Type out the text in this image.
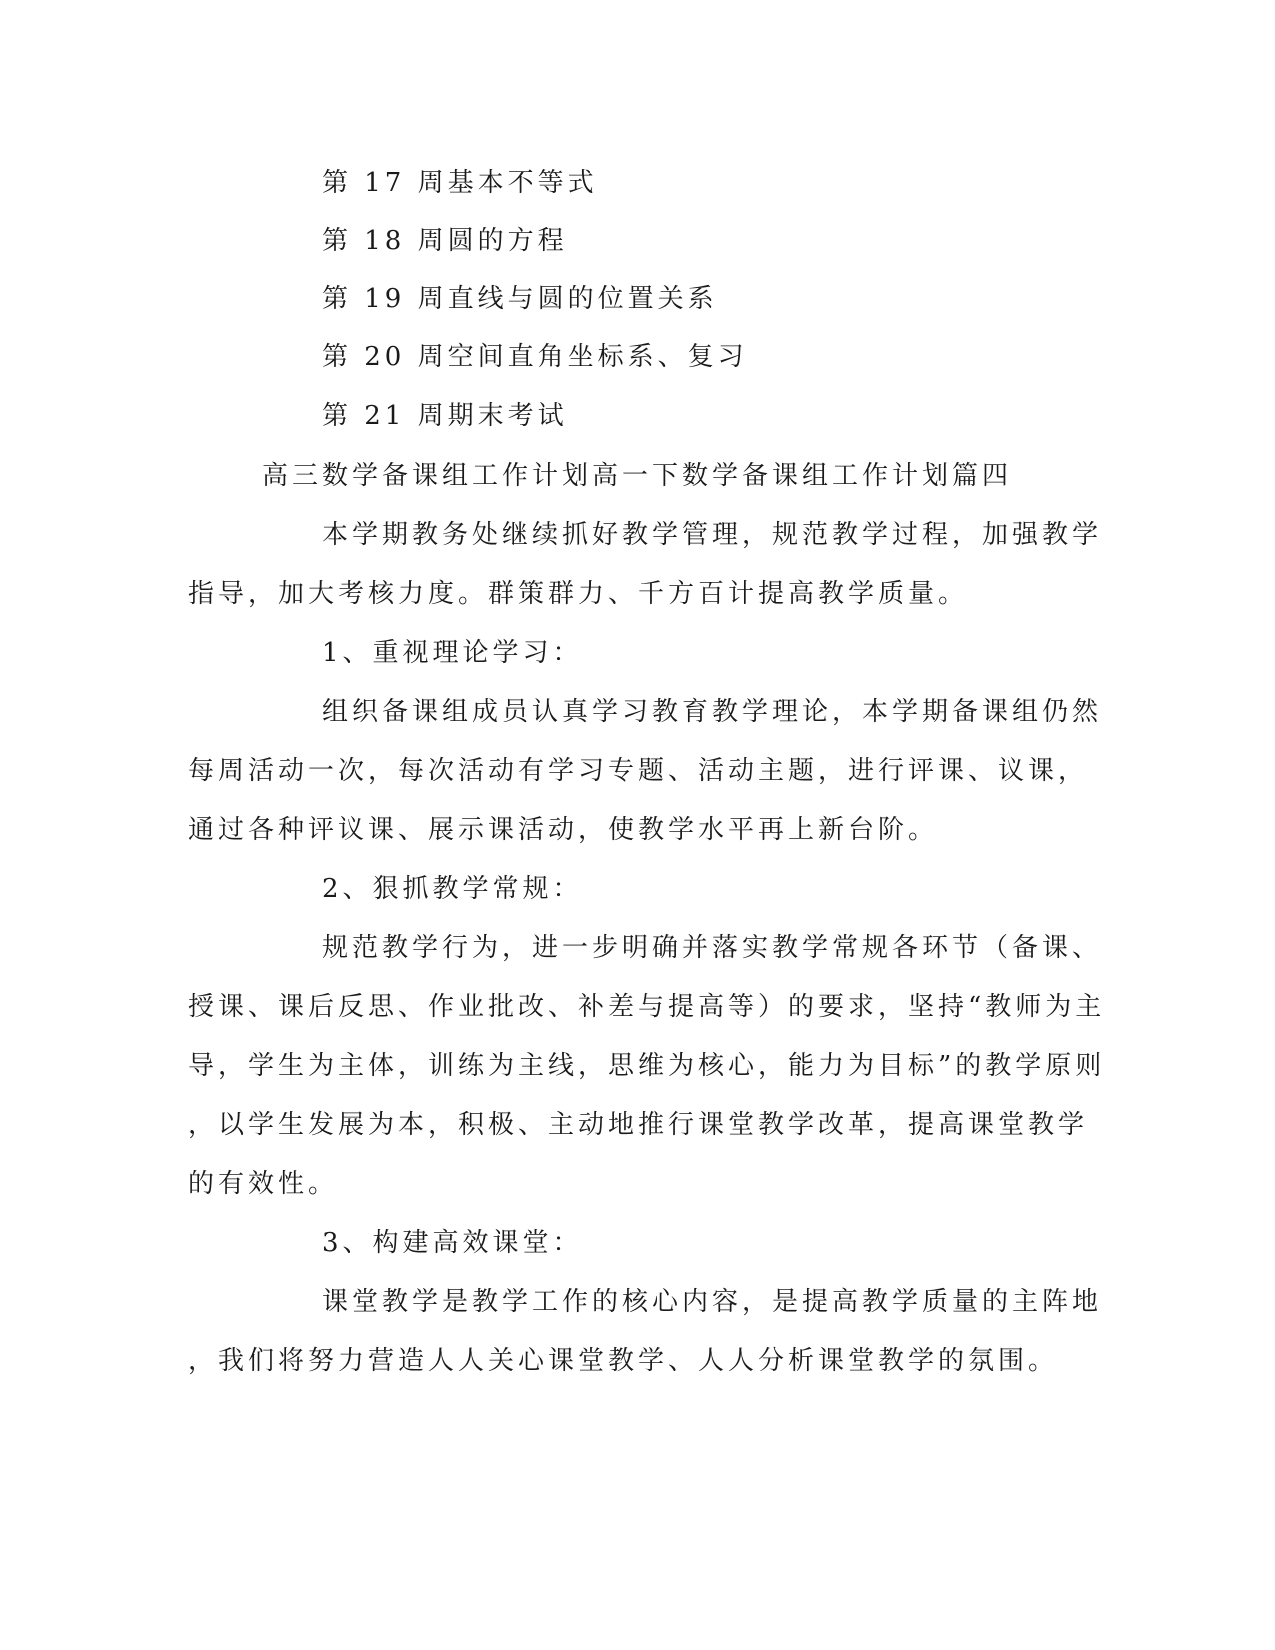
第 17 周基本不等式
第 18 周圆的方程
第 19 周直线与圆的位置关系
第 20 周空间直角坐标系、复习
第 21 周期末考试
高三数学备课组工作计划高一下数学备课组工作计划篇四
本学期教务处继续抓好教学管理，规范教学过程，加强教学
指导，加大考核力度。群策群力、千方百计提高教学质量。
1、重视理论学习：
组织备课组成员认真学习教育教学理论，本学期备课组仍然
每周活动一次，每次活动有学习专题、活动主题，进行评课、议课，
通过各种评议课、展示课活动，使教学水平再上新台阶。
2、狠抓教学常规：
规范教学行为，进一步明确并落实教学常规各环节（备课、
授课、课后反思、作业批改、补差与提高等）的要求，坚持“教师为主
导，学生为主体，训练为主线，思维为核心，能力为目标”的教学原则
，以学生发展为本，积极、主动地推行课堂教学改革，提高课堂教学
的有效性。
3、构建高效课堂：
课堂教学是教学工作的核心内容，是提高教学质量的主阵地
，我们将努力营造人人关心课堂教学、人人分析课堂教学的氛围。
